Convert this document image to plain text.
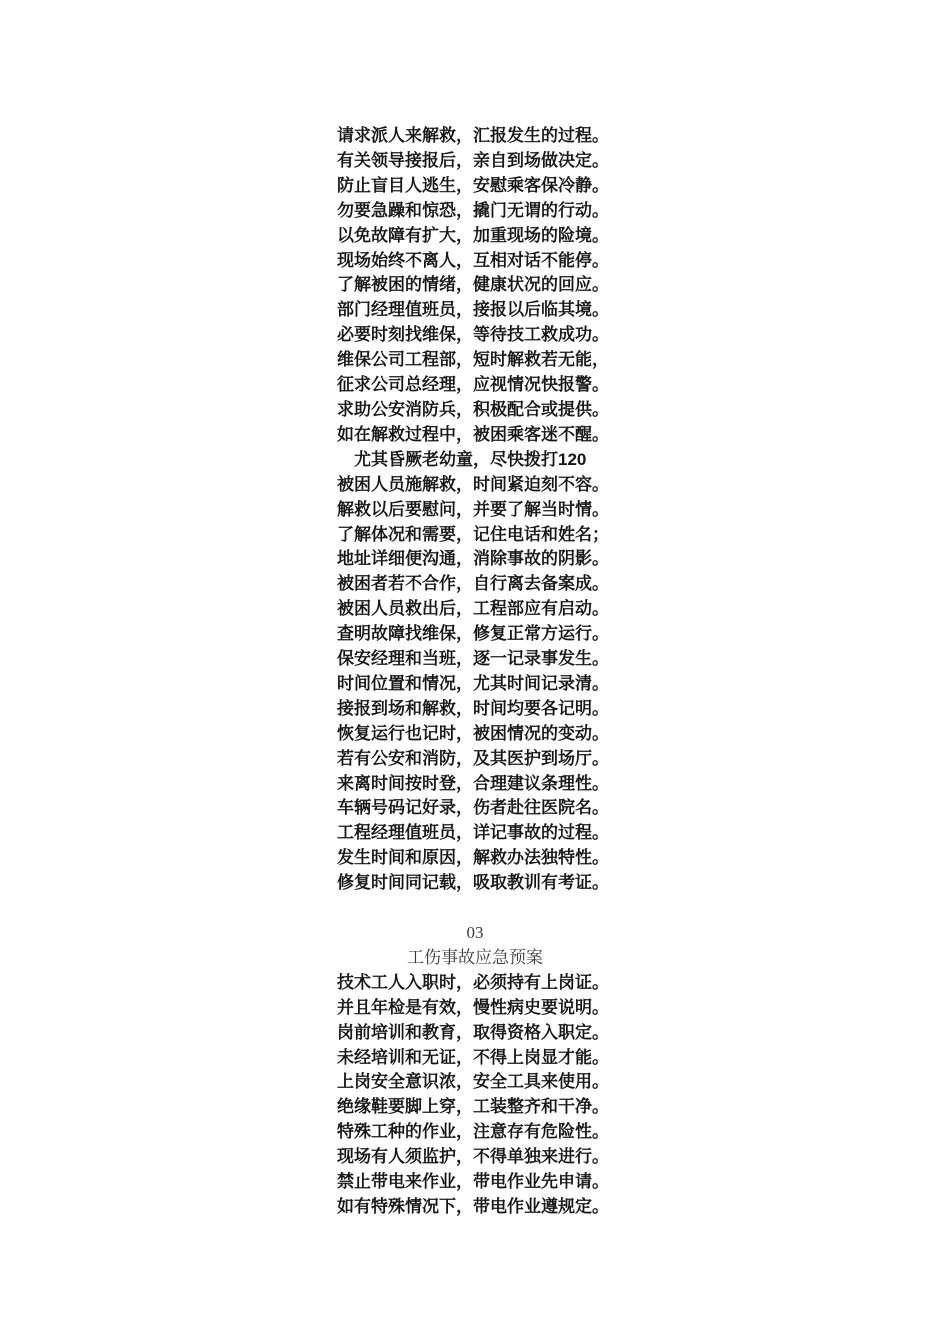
请求派人来解救，汇报发生的过程。
有关领导接报后，亲自到场做决定。
防止盲目人逃生，安慰乘客保冷静。
勿要急躁和惊恐，撬门无谓的行动。
以免故障有扩大，加重现场的险境。
现场始终不离人，互相对话不能停。
了解被困的情绪，健康状况的回应。
部门经理值班员，接报以后临其境。
必要时刻找维保，等待技工救成功。
维保公司工程部，短时解救若无能，
征求公司总经理，应视情况快报警。
求助公安消防兵，积极配合或提供。
如在解救过程中，被困乘客迷不醒。
尤其昏厥老幼童，尽快拨打120
被困人员施解救，时间紧迫刻不容。
解救以后要慰问，并要了解当时情。
了解体况和需要，记住电话和姓名；
地址详细便沟通，消除事故的阴影。
被困者若不合作，自行离去备案成。
被困人员救出后，工程部应有启动。
查明故障找维保，修复正常方运行。
保安经理和当班，逐一记录事发生。
时间位置和情况，尤其时间记录清。
接报到场和解救，时间均要各记明。
恢复运行也记时，被困情况的变动。
若有公安和消防，及其医护到场厅。
来离时间按时登，合理建议条理性。
车辆号码记好录，伤者赴往医院名。
工程经理值班员，详记事故的过程。
发生时间和原因，解救办法独特性。
修复时间同记载，吸取教训有考证。
03
工伤事故应急预案
技术工人入职时，必须持有上岗证。
并且年检是有效，慢性病史要说明。
岗前培训和教育，取得资格入职定。
未经培训和无证，不得上岗显才能。
上岗安全意识浓，安全工具来使用。
绝缘鞋要脚上穿，工装整齐和干净。
特殊工种的作业，注意存有危险性。
现场有人须监护，不得单独来进行。
禁止带电来作业，带电作业先申请。
如有特殊情况下，带电作业遵规定。
